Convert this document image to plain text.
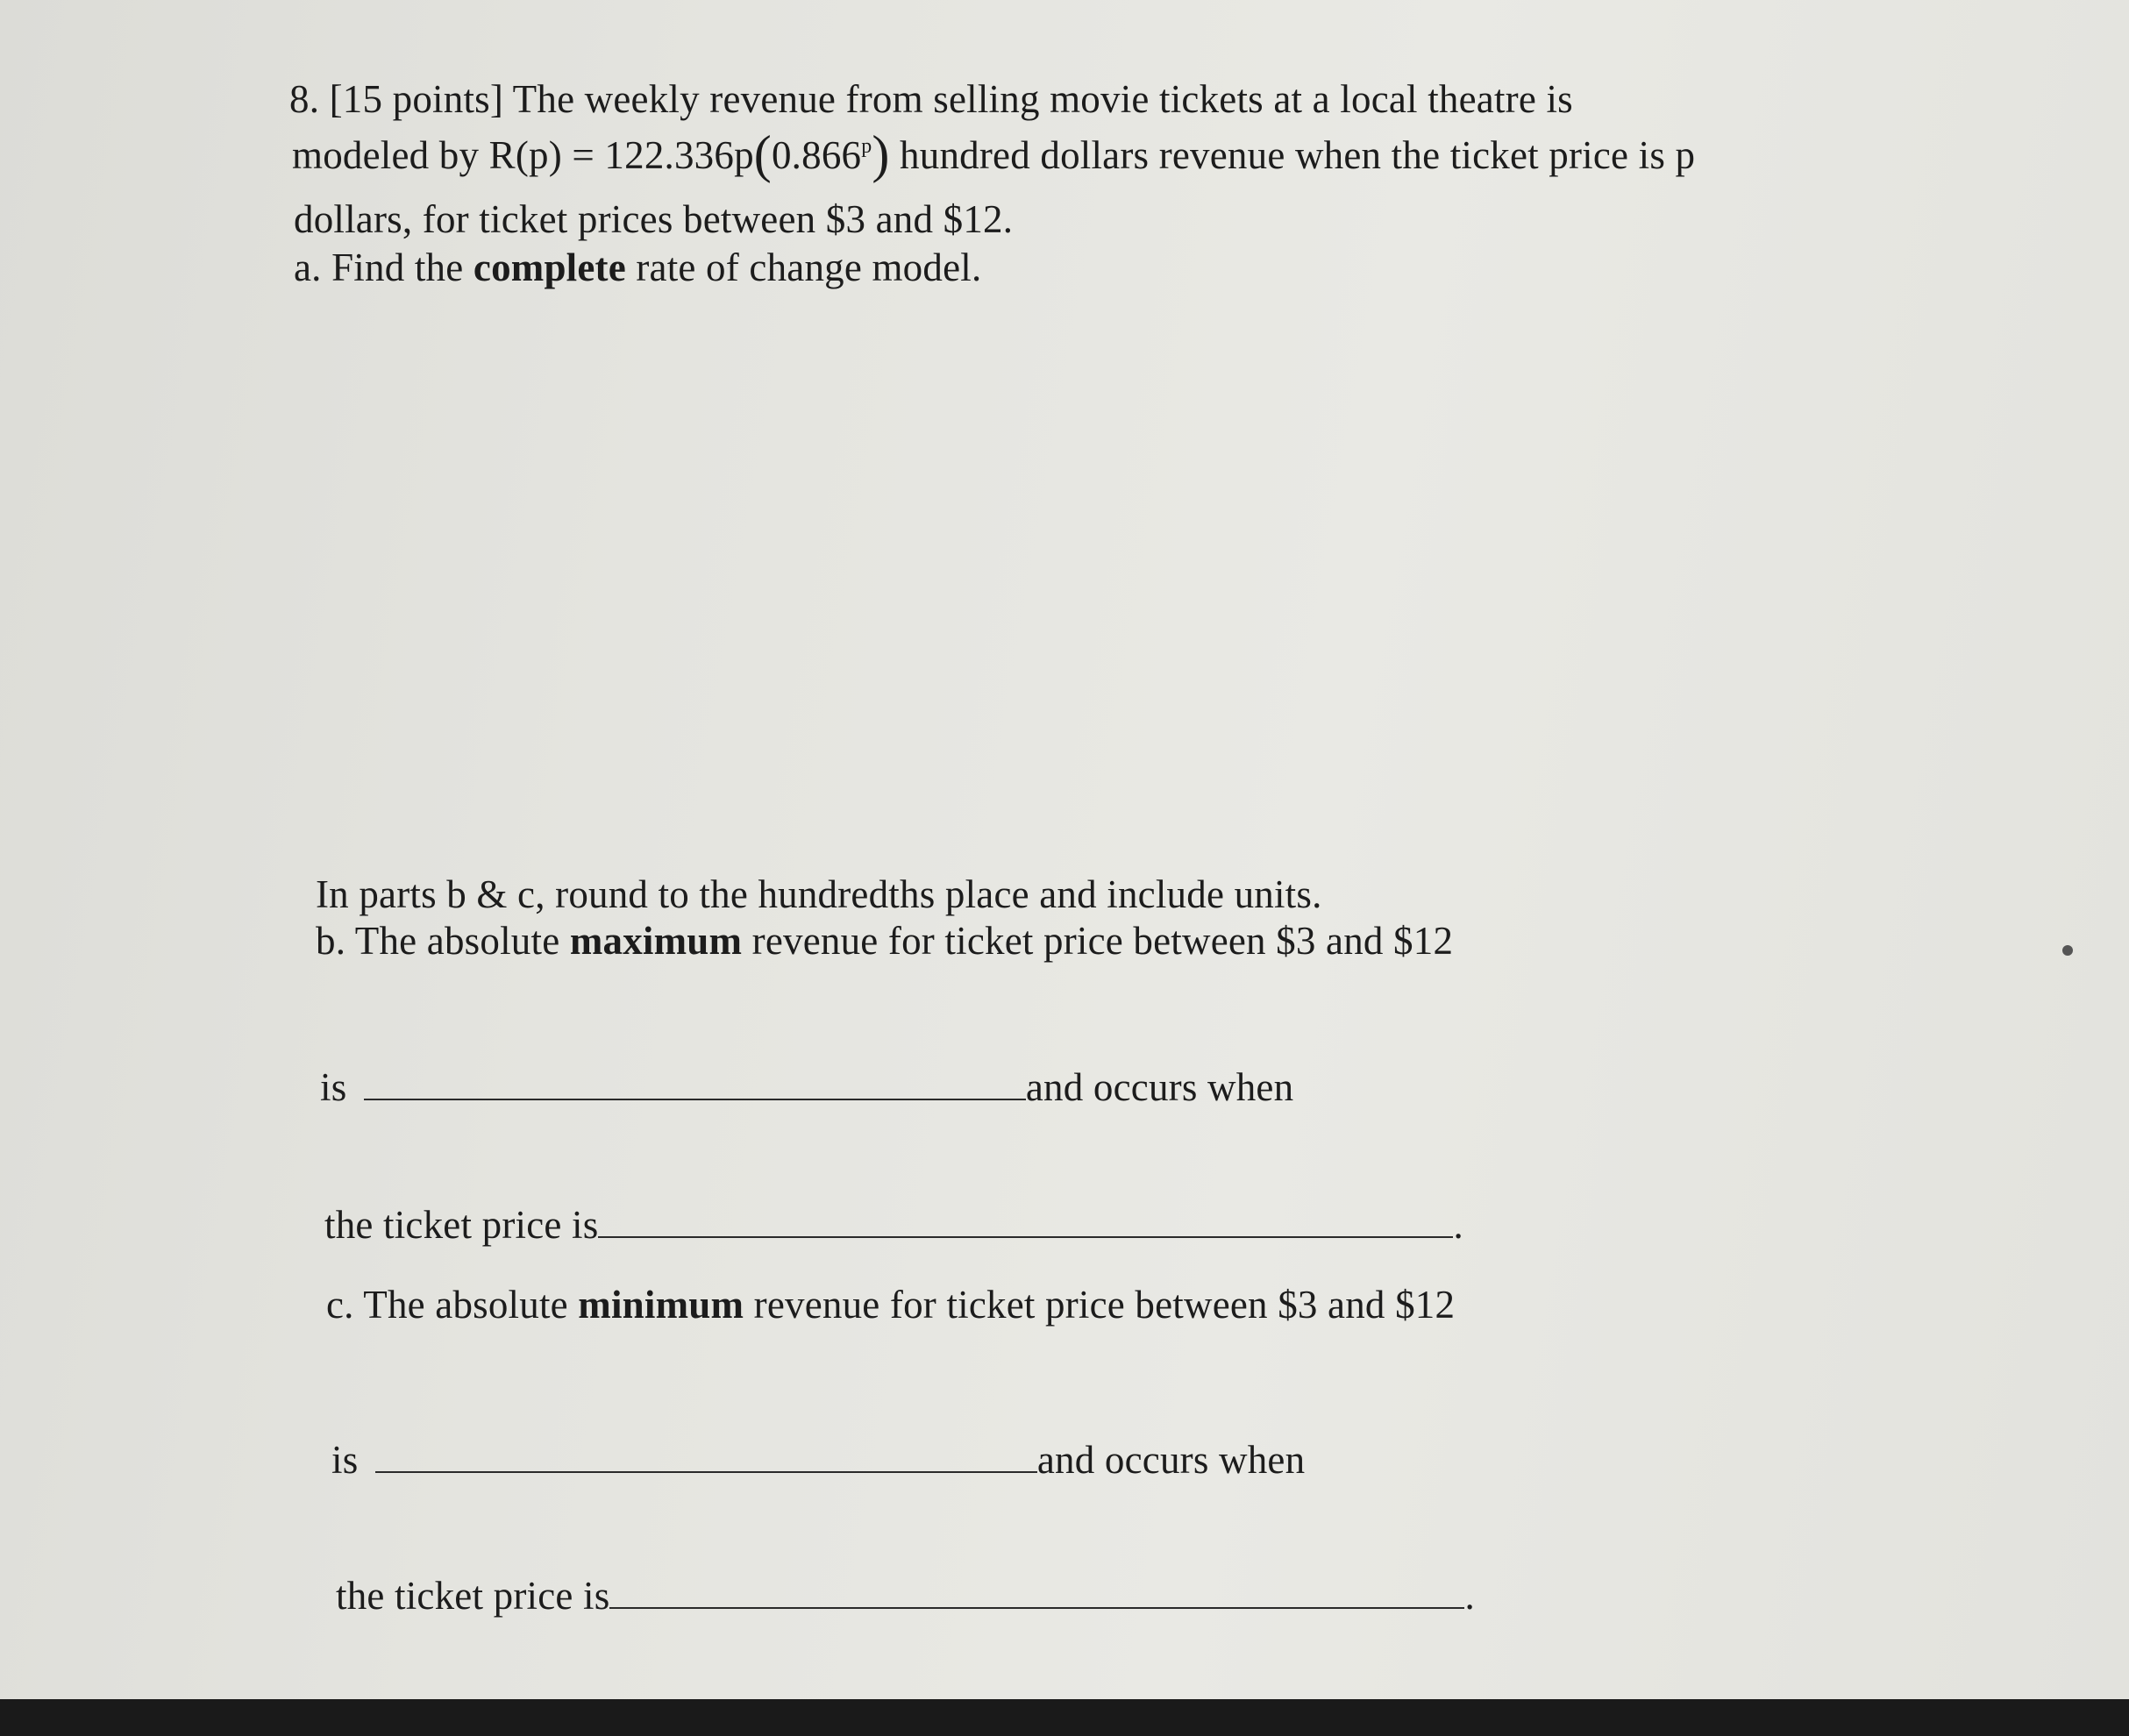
8. [15 points] The weekly revenue from selling movie tickets at a local theatre is
modeled by $R(p) = 122.336p(0.866^p)$ hundred dollars revenue when the ticket price is p
dollars, for ticket prices between $3 and $12.
a. Find the complete rate of change model.
In parts b & c, round to the hundredths place and include units.
b. The absolute maximum revenue for ticket price between $3 and $12
is	and occurs when
the ticket price is	.
c. The absolute minimum revenue for ticket price between $3 and $12
is	and occurs when
the ticket price is	.
